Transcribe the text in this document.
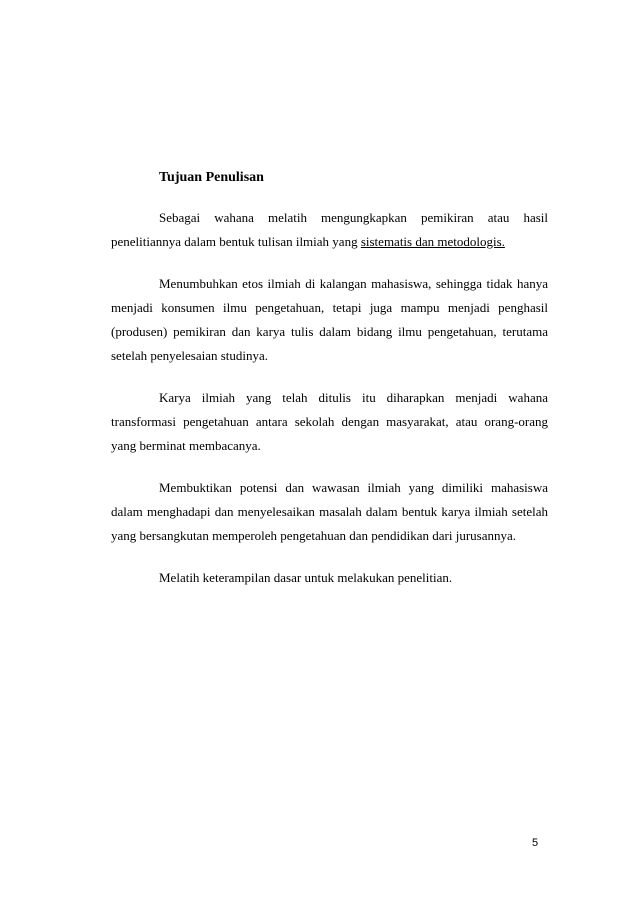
Tujuan Penulisan

Sebagai wahana melatih mengungkapkan pemikiran atau hasil penelitiannya dalam bentuk tulisan ilmiah yang sistematis dan metodologis.

Menumbuhkan etos ilmiah di kalangan mahasiswa, sehingga tidak hanya menjadi konsumen ilmu pengetahuan, tetapi juga mampu menjadi penghasil (produsen) pemikiran dan karya tulis dalam bidang ilmu pengetahuan, terutama setelah penyelesaian studinya.

Karya ilmiah yang telah ditulis itu diharapkan menjadi wahana transformasi pengetahuan antara sekolah dengan masyarakat, atau orang-orang yang berminat membacanya.

Membuktikan potensi dan wawasan ilmiah yang dimiliki mahasiswa dalam menghadapi dan menyelesaikan masalah dalam bentuk karya ilmiah setelah yang bersangkutan memperoleh pengetahuan dan pendidikan dari jurusannya.

Melatih keterampilan dasar untuk melakukan penelitian.

5
